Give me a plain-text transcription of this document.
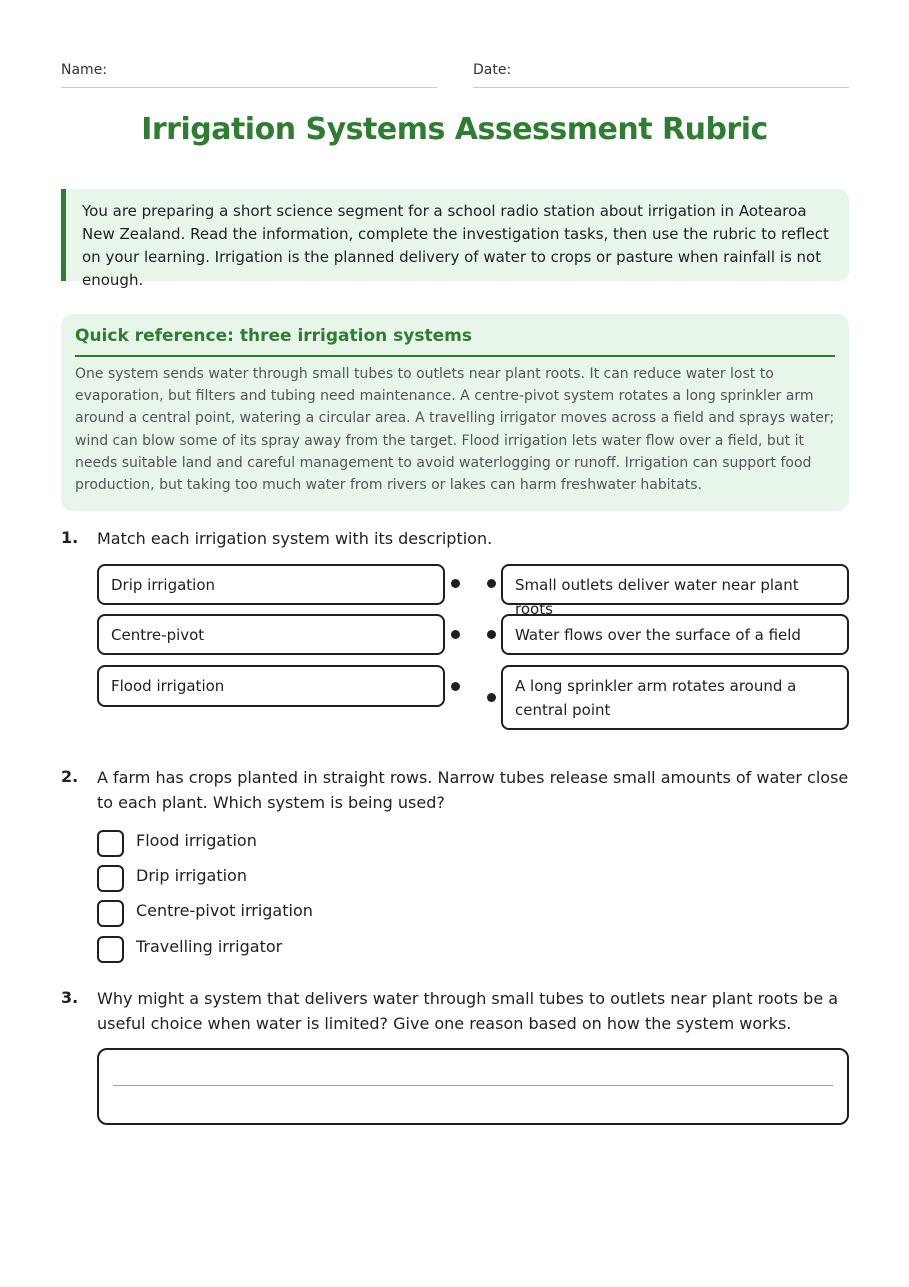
Name:	Date:
Irrigation Systems Assessment Rubric
You are preparing a short science segment for a school radio station about irrigation in Aotearoa New Zealand. Read the information, complete the investigation tasks, then use the rubric to reflect on your learning. Irrigation is the planned delivery of water to crops or pasture when rainfall is not enough.
Quick reference: three irrigation systems
One system sends water through small tubes to outlets near plant roots. It can reduce water lost to evaporation, but filters and tubing need maintenance. A centre-pivot system rotates a long sprinkler arm around a central point, watering a circular area. A travelling irrigator moves across a field and sprays water; wind can blow some of its spray away from the target. Flood irrigation lets water flow over a field, but it needs suitable land and careful management to avoid waterlogging or runoff. Irrigation can support food production, but taking too much water from rivers or lakes can harm freshwater habitats.
1. Match each irrigation system with its description.
Drip irrigation
Centre-pivot
Flood irrigation
Small outlets deliver water near plant roots
Water flows over the surface of a field
A long sprinkler arm rotates around a central point
2. A farm has crops planted in straight rows. Narrow tubes release small amounts of water close to each plant. Which system is being used?
Flood irrigation
Drip irrigation
Centre-pivot irrigation
Travelling irrigator
3. Why might a system that delivers water through small tubes to outlets near plant roots be a useful choice when water is limited? Give one reason based on how the system works.
